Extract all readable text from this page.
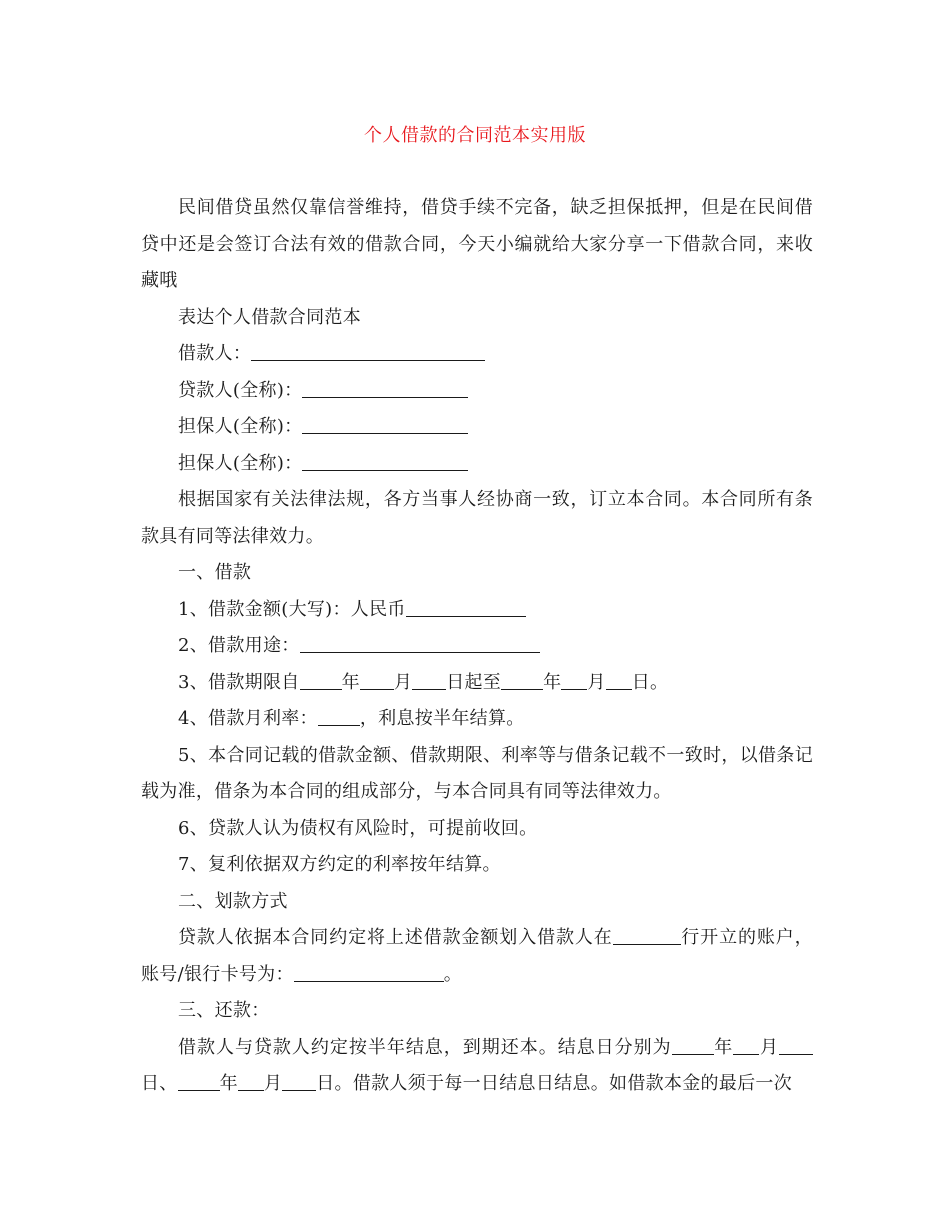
个人借款的合同范本实用版

民间借贷虽然仅靠信誉维持，借贷手续不完备，缺乏担保抵押，但是在民间借贷中还是会签订合法有效的借款合同，今天小编就给大家分享一下借款合同，来收藏哦

表达个人借款合同范本

借款人：

贷款人(全称)：

担保人(全称)：

担保人(全称)：

根据国家有关法律法规，各方当事人经协商一致，订立本合同。本合同所有条款具有同等法律效力。

一、借款

1、借款金额(大写)：人民币

2、借款用途：

3、借款期限自 年 月 日起至 年 月 日。

4、借款月利率： ，利息按半年结算。

5、本合同记载的借款金额、借款期限、利率等与借条记载不一致时，以借条记载为准，借条为本合同的组成部分，与本合同具有同等法律效力。

6、贷款人认为债权有风险时，可提前收回。

7、复利依据双方约定的利率按年结算。

二、划款方式

贷款人依据本合同约定将上述借款金额划入借款人在	行开立的账户，账号/银行卡号为：	。

三、还款：

借款人与贷款人约定按半年结息，到期还本。结息日分别为 年 月日、 年 月 日。借款人须于每一日结息日结息。如借款本金的最后一次
